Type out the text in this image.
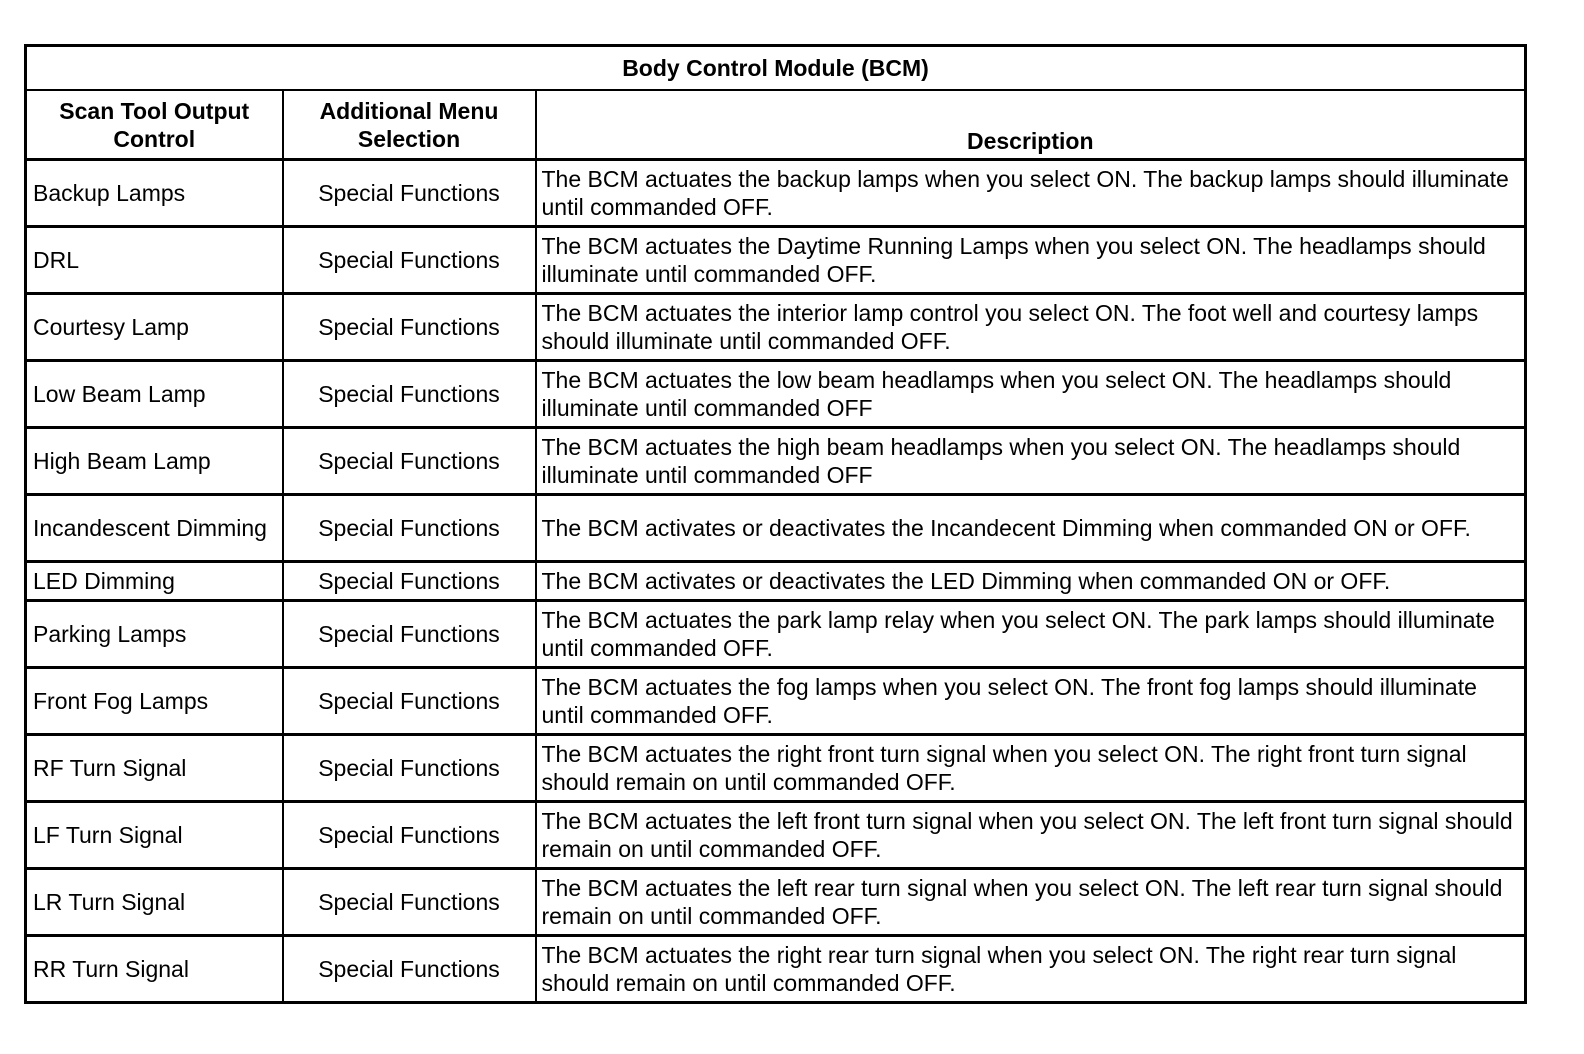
Body Control Module (BCM)		
Scan Tool Output Control	Additional Menu Selection	Description
Backup Lamps	Special Functions	The BCM actuates the backup lamps when you select ON. The backup lamps should illuminate until commanded OFF.
DRL	Special Functions	The BCM actuates the Daytime Running Lamps when you select ON. The headlamps should illuminate until commanded OFF.
Courtesy Lamp	Special Functions	The BCM actuates the interior lamp control you select ON. The foot well and courtesy lamps should illuminate until commanded OFF.
Low Beam Lamp	Special Functions	The BCM actuates the low beam headlamps when you select ON. The headlamps should illuminate until commanded OFF
High Beam Lamp	Special Functions	The BCM actuates the high beam headlamps when you select ON. The headlamps should illuminate until commanded OFF
Incandescent Dimming	Special Functions	The BCM activates or deactivates the Incandecent Dimming when commanded ON or OFF.
LED Dimming	Special Functions	The BCM activates or deactivates the LED Dimming when commanded ON or OFF.
Parking Lamps	Special Functions	The BCM actuates the park lamp relay when you select ON. The park lamps should illuminate until commanded OFF.
Front Fog Lamps	Special Functions	The BCM actuates the fog lamps when you select ON. The front fog lamps should illuminate until commanded OFF.
RF Turn Signal	Special Functions	The BCM actuates the right front turn signal when you select ON. The right front turn signal should remain on until commanded OFF.
LF Turn Signal	Special Functions	The BCM actuates the left front turn signal when you select ON. The left front turn signal should remain on until commanded OFF.
LR Turn Signal	Special Functions	The BCM actuates the left rear turn signal when you select ON. The left rear turn signal should remain on until commanded OFF.
RR Turn Signal	Special Functions	The BCM actuates the right rear turn signal when you select ON. The right rear turn signal should remain on until commanded OFF.
